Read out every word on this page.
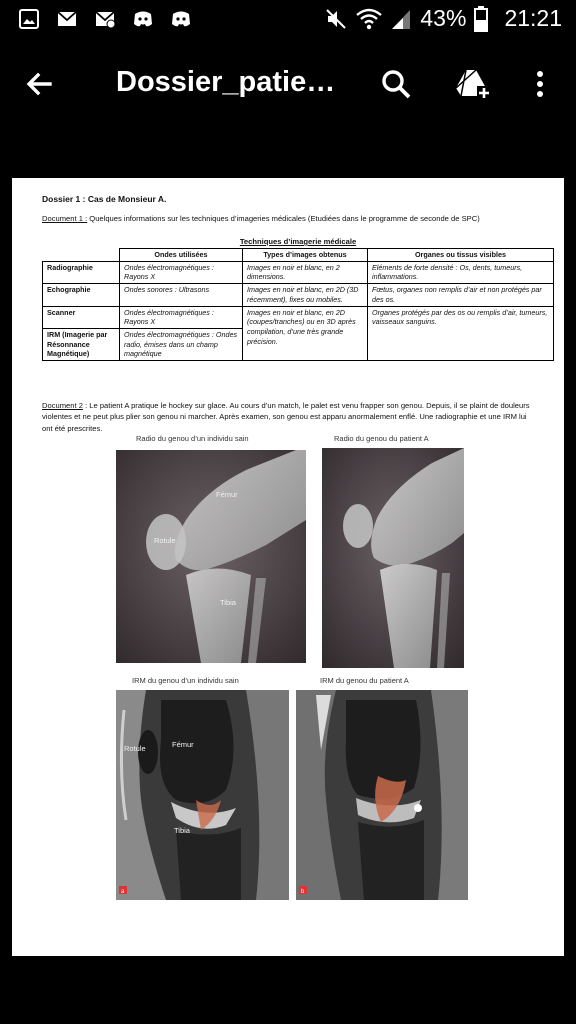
43% 21:21
Dossier_patie…
Dossier 1 : Cas de Monsieur A.
Document 1 : Quelques informations sur les techniques d’imageries médicales (Etudiées dans le programme de seconde de SPC)
Techniques d’imagerie médicale
	Ondes utilisées	Types d’images obtenus	Organes ou tissus visibles
Radiographie	Ondes électromagnétiques : Rayons X	Images en noir et blanc, en 2 dimensions.	Eléments de forte densité : Os, dents, tumeurs, inflammations.
Echographie	Ondes sonores : Ultrasons	Images en noir et blanc, en 2D (3D récemment), fixes ou mobiles.	Fœtus, organes non remplis d’air et non protégés par des os.
Scanner	Ondes électromagnétiques : Rayons X	Images en noir et blanc, en 2D (coupes/tranches) ou en 3D après compilation, d’une très grande précision.	Organes protégés par des os ou remplis d’air, tumeurs, vaisseaux sanguins.
IRM (Imagerie par Résonnance Magnétique)	Ondes électromagnétiques : Ondes radio, émises dans un champ magnétique		
Document 2 : Le patient A pratique le hockey sur glace. Au cours d’un match, le palet est venu frapper son genou. Depuis, il se plaint de douleurs violentes et ne peut plus plier son genou ni marcher. Après examen, son genou est apparu anormalement enflé. Une radiographie et une IRM lui ont été prescrites.
Radio du genou d’un individu sain	Radio du genou du patient A
Fémur
Rotule
Tibia
IRM du genou d’un individu sain	IRM du genou du patient A
a
Rotule	Fémur
Tibia
b
